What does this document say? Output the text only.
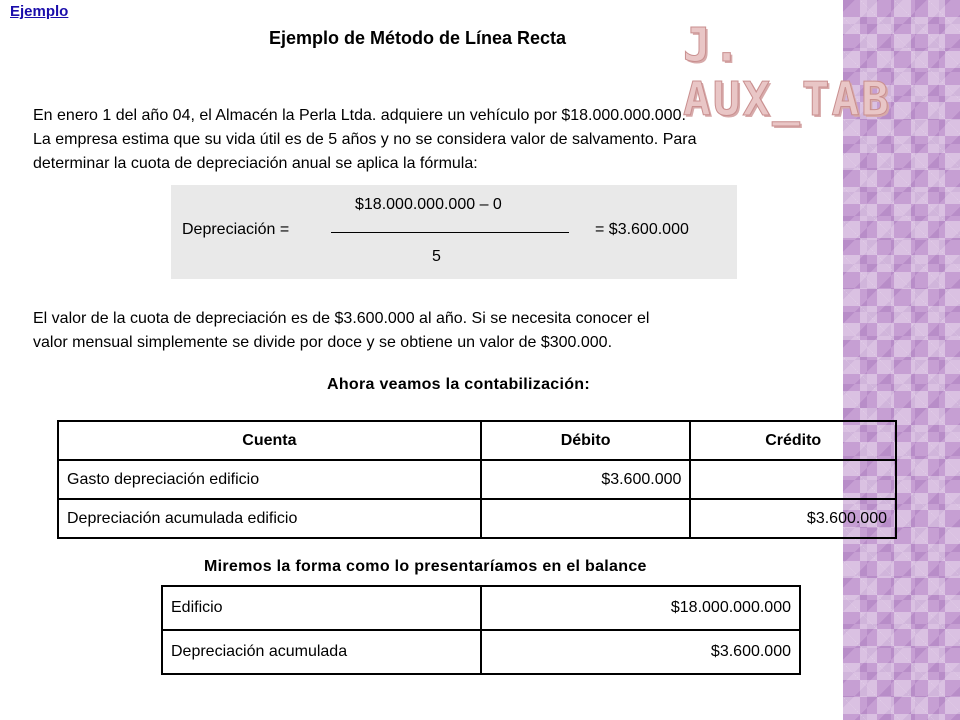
Ejemplo
Ejemplo de Método de Línea Recta	J. AUX_TAB
En enero 1 del año 04, el Almacén la Perla Ltda. adquiere un vehículo por $18.000.000.000.
La empresa estima que su vida útil es de 5 años y no se considera valor de salvamento. Para
determinar la cuota de depreciación anual se aplica la fórmula:
$18.000.000.000 – 0
Depreciación =	= $3.600.000
5
El valor de la cuota de depreciación es de $3.600.000 al año. Si se necesita conocer el
valor mensual simplemente se divide por doce y se obtiene un valor de $300.000.
Ahora veamos la contabilización:
Cuenta	Débito	Crédito
Gasto depreciación edificio	$3.600.000	
Depreciación acumulada edificio		$3.600.000
Miremos la forma como lo presentaríamos en el balance
Edificio	$18.000.000.000
Depreciación acumulada	$3.600.000
